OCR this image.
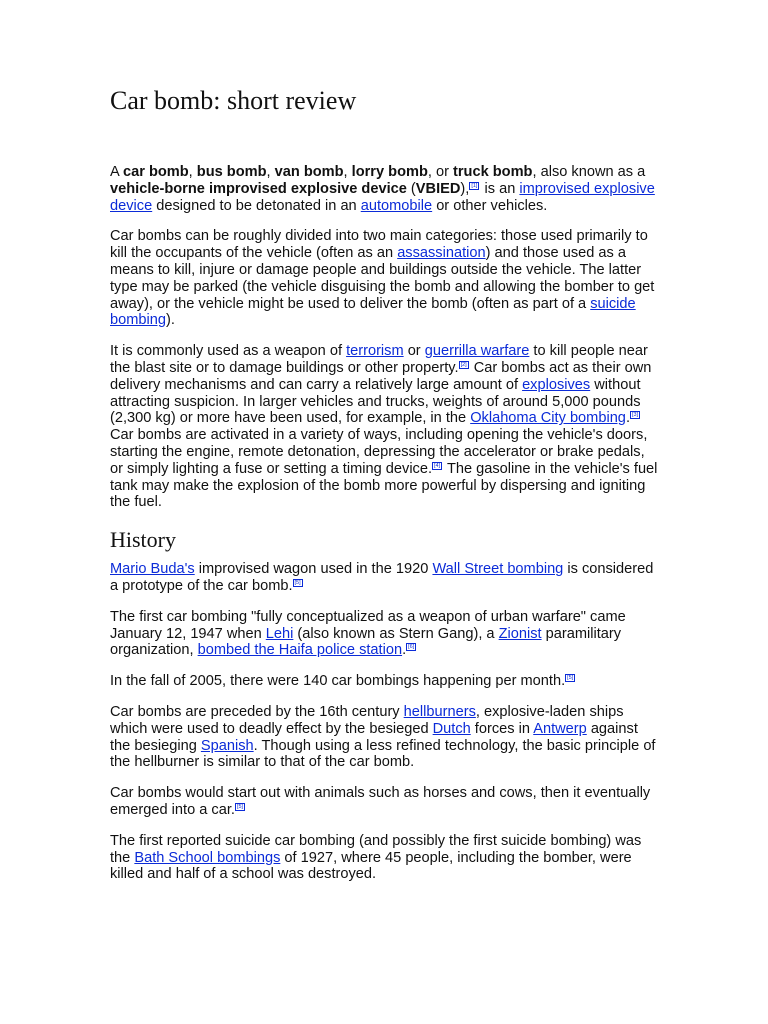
Car bomb: short review

A car bomb, bus bomb, van bomb, lorry bomb, or truck bomb, also known as a vehicle-borne improvised explosive device (VBIED), [1] is an improvised explosive device designed to be detonated in an automobile or other vehicles.

Car bombs can be roughly divided into two main categories: those used primarily to kill the occupants of the vehicle (often as an assassination) and those used as a means to kill, injure or damage people and buildings outside the vehicle. The latter type may be parked (the vehicle disguising the bomb and allowing the bomber to get away), or the vehicle might be used to deliver the bomb (often as part of a suicide bombing).

It is commonly used as a weapon of terrorism or guerrilla warfare to kill people near the blast site or to damage buildings or other property. [2] Car bombs act as their own delivery mechanisms and can carry a relatively large amount of explosives without attracting suspicion. In larger vehicles and trucks, weights of around 5,000 pounds (2,300 kg) or more have been used, for example, in the Oklahoma City bombing. [3] Car bombs are activated in a variety of ways, including opening the vehicle's doors, starting the engine, remote detonation, depressing the accelerator or brake pedals, or simply lighting a fuse or setting a timing device. [4] The gasoline in the vehicle's fuel tank may make the explosion of the bomb more powerful by dispersing and igniting the fuel.

History

Mario Buda's improvised wagon used in the 1920 Wall Street bombing is considered a prototype of the car bomb. [5]

The first car bombing "fully conceptualized as a weapon of urban warfare" came January 12, 1947 when Lehi (also known as Stern Gang), a Zionist paramilitary organization, bombed the Haifa police station. [6]

In the fall of 2005, there were 140 car bombings happening per month. [5]

Car bombs are preceded by the 16th century hellburners, explosive-laden ships which were used to deadly effect by the besieged Dutch forces in Antwerp against the besieging Spanish. Though using a less refined technology, the basic principle of the hellburner is similar to that of the car bomb.

Car bombs would start out with animals such as horses and cows, then it eventually emerged into a car. [5]

The first reported suicide car bombing (and possibly the first suicide bombing) was the Bath School bombings of 1927, where 45 people, including the bomber, were killed and half of a school was destroyed.
